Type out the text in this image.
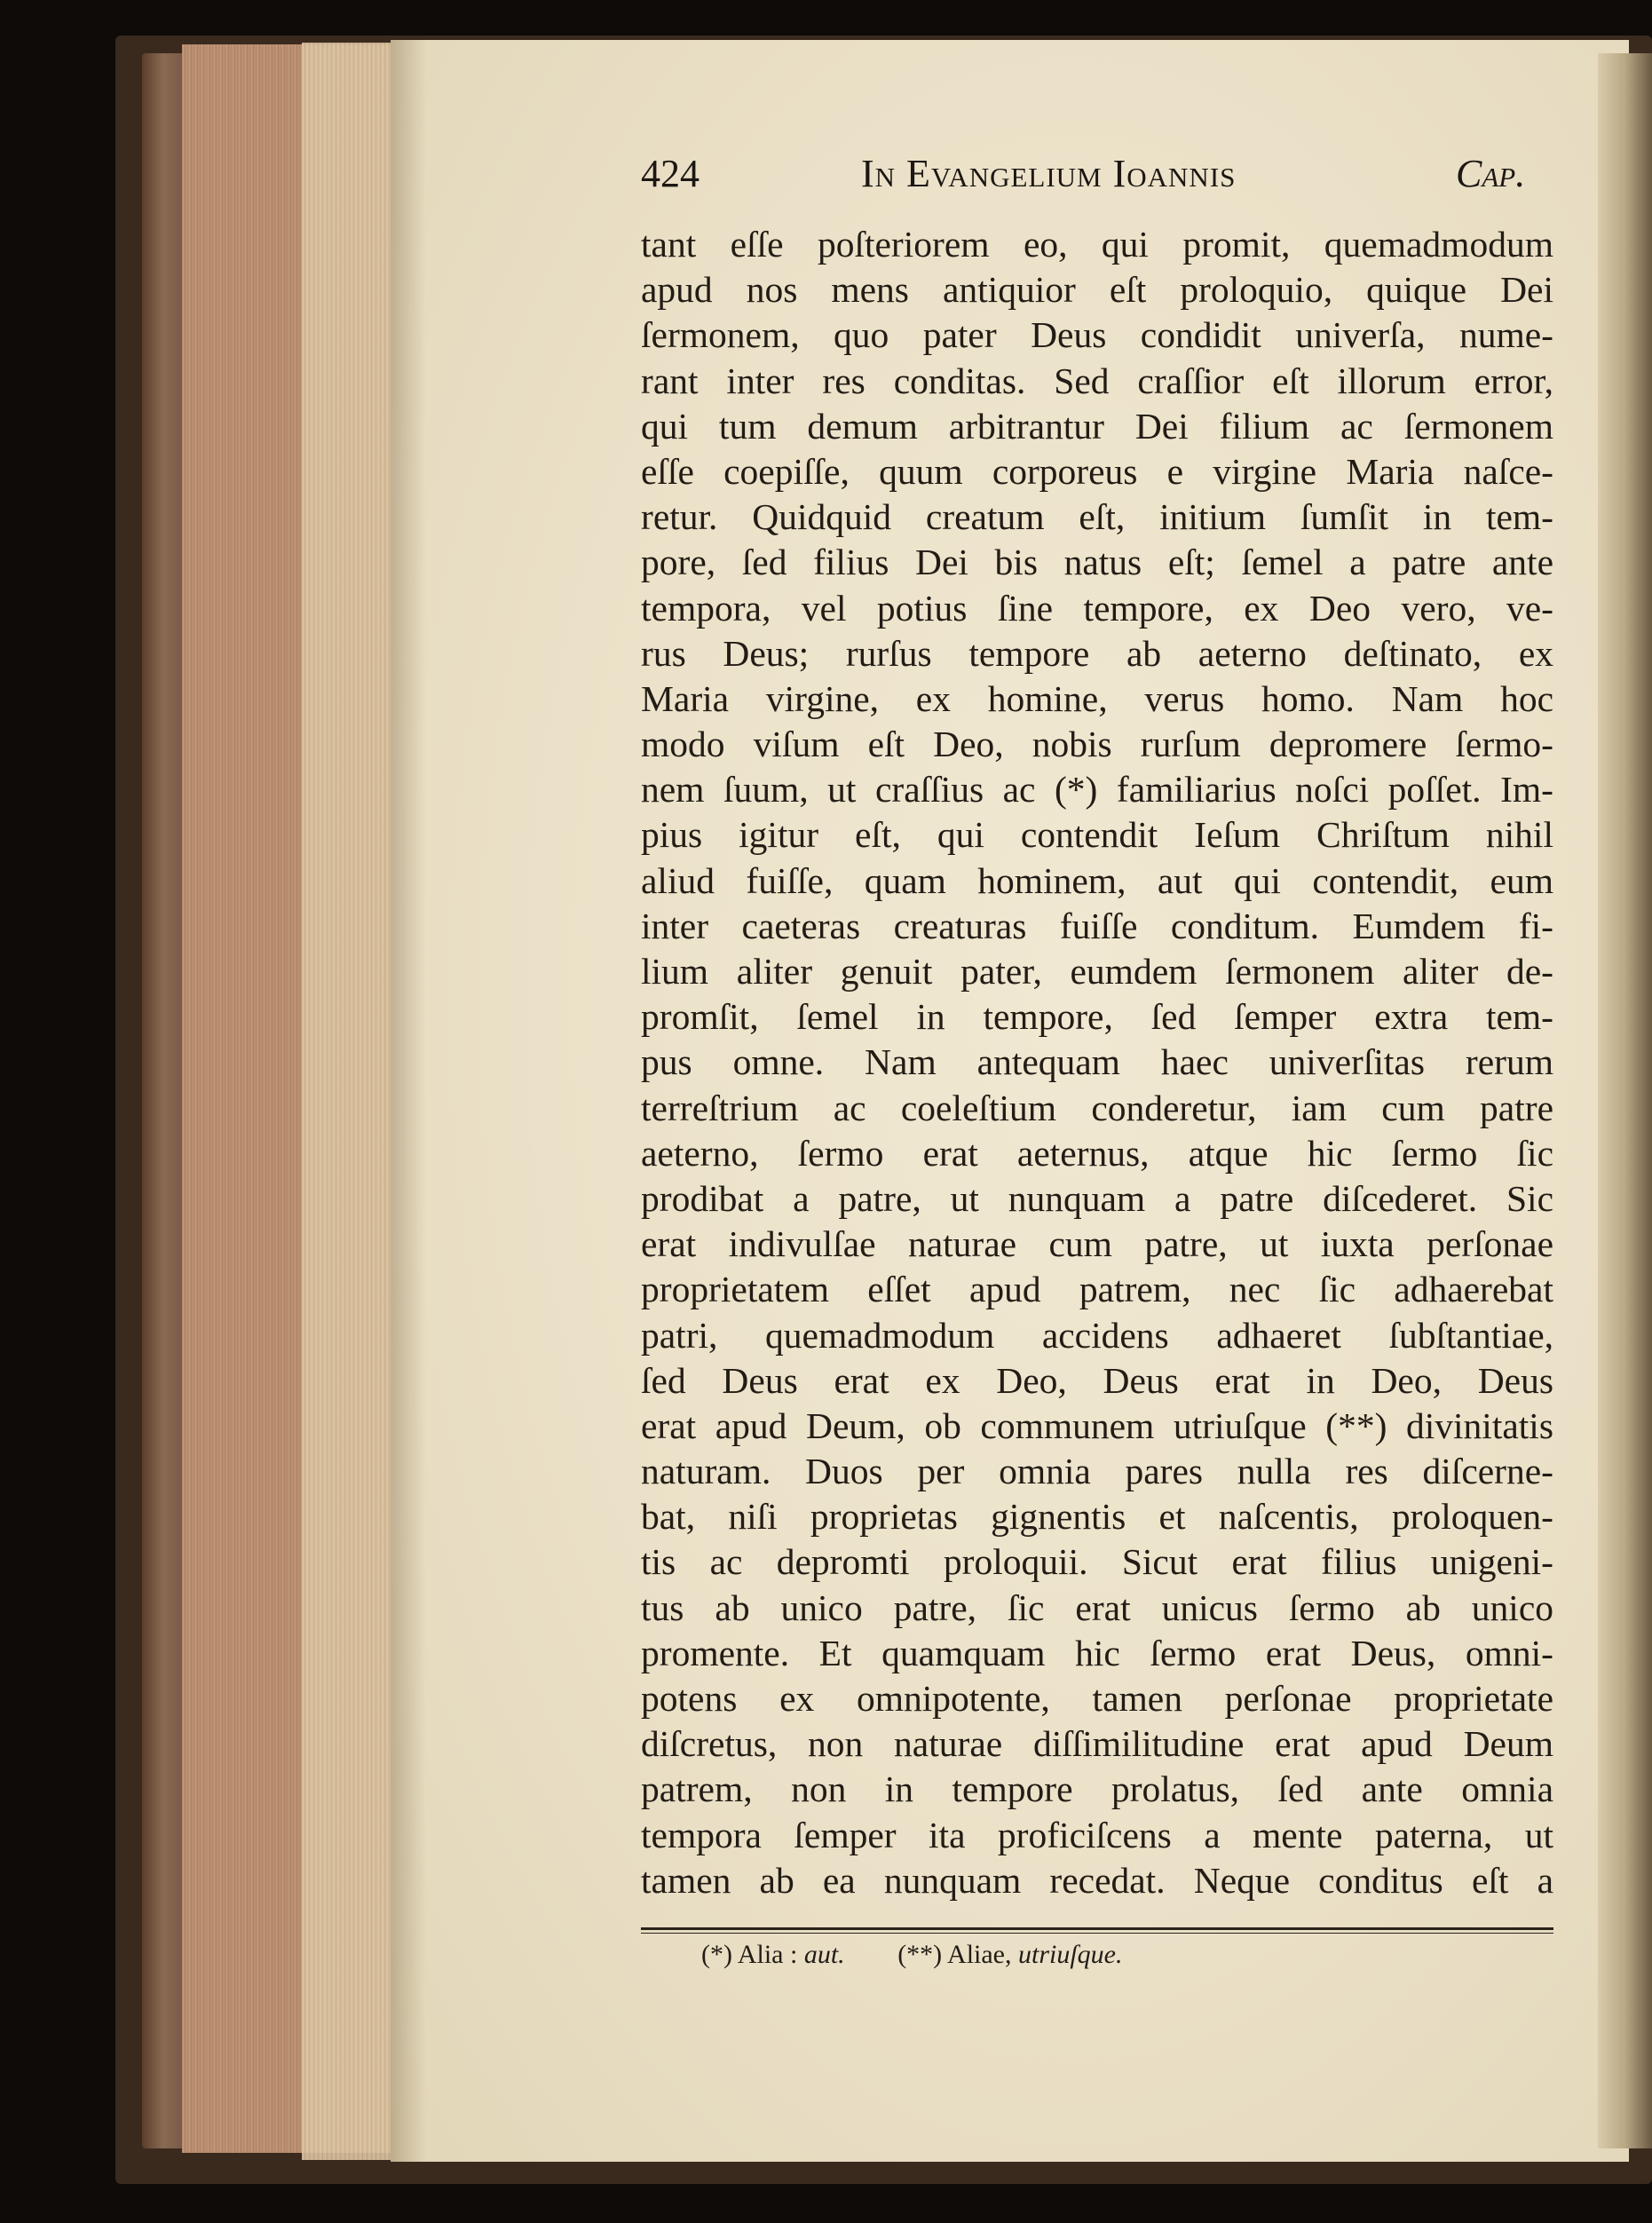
424	In Evangelium Ioannis	Cap.
tant eſſe poſteriorem eo, qui promit, quemadmodum
apud nos mens antiquior eſt proloquio, quique Dei
ſermonem, quo pater Deus condidit univerſa, nume-
rant inter res conditas. Sed craſſior eſt illorum error,
qui tum demum arbitrantur Dei filium ac ſermonem
eſſe coepiſſe, quum corporeus e virgine Maria naſce-
retur. Quidquid creatum eſt, initium ſumſit in tem-
pore, ſed filius Dei bis natus eſt; ſemel a patre ante
tempora, vel potius ſine tempore, ex Deo vero, ve-
rus Deus; rurſus tempore ab aeterno deſtinato, ex
Maria virgine, ex homine, verus homo. Nam hoc
modo viſum eſt Deo, nobis rurſum depromere ſermo-
nem ſuum, ut craſſius ac (*) familiarius noſci poſſet. Im-
pius igitur eſt, qui contendit Ieſum Chriſtum nihil
aliud fuiſſe, quam hominem, aut qui contendit, eum
inter caeteras creaturas fuiſſe conditum. Eumdem fi-
lium aliter genuit pater, eumdem ſermonem aliter de-
promſit, ſemel in tempore, ſed ſemper extra tem-
pus omne. Nam antequam haec univerſitas rerum
terreſtrium ac coeleſtium conderetur, iam cum patre
aeterno, ſermo erat aeternus, atque hic ſermo ſic
prodibat a patre, ut nunquam a patre diſcederet. Sic
erat indivulſae naturae cum patre, ut iuxta perſonae
proprietatem eſſet apud patrem, nec ſic adhaerebat
patri, quemadmodum accidens adhaeret ſubſtantiae,
ſed Deus erat ex Deo, Deus erat in Deo, Deus
erat apud Deum, ob communem utriuſque (**) divinitatis
naturam. Duos per omnia pares nulla res diſcerne-
bat, niſi proprietas gignentis et naſcentis, proloquen-
tis ac depromti proloquii. Sicut erat filius unigeni-
tus ab unico patre, ſic erat unicus ſermo ab unico
promente. Et quamquam hic ſermo erat Deus, omni-
potens ex omnipotente, tamen perſonae proprietate
diſcretus, non naturae diſſimilitudine erat apud Deum
patrem, non in tempore prolatus, ſed ante omnia
tempora ſemper ita proficiſcens a mente paterna, ut
tamen ab ea nunquam recedat. Neque conditus eſt a
(*) Alia : aut. (**) Aliae, utriuſque.
